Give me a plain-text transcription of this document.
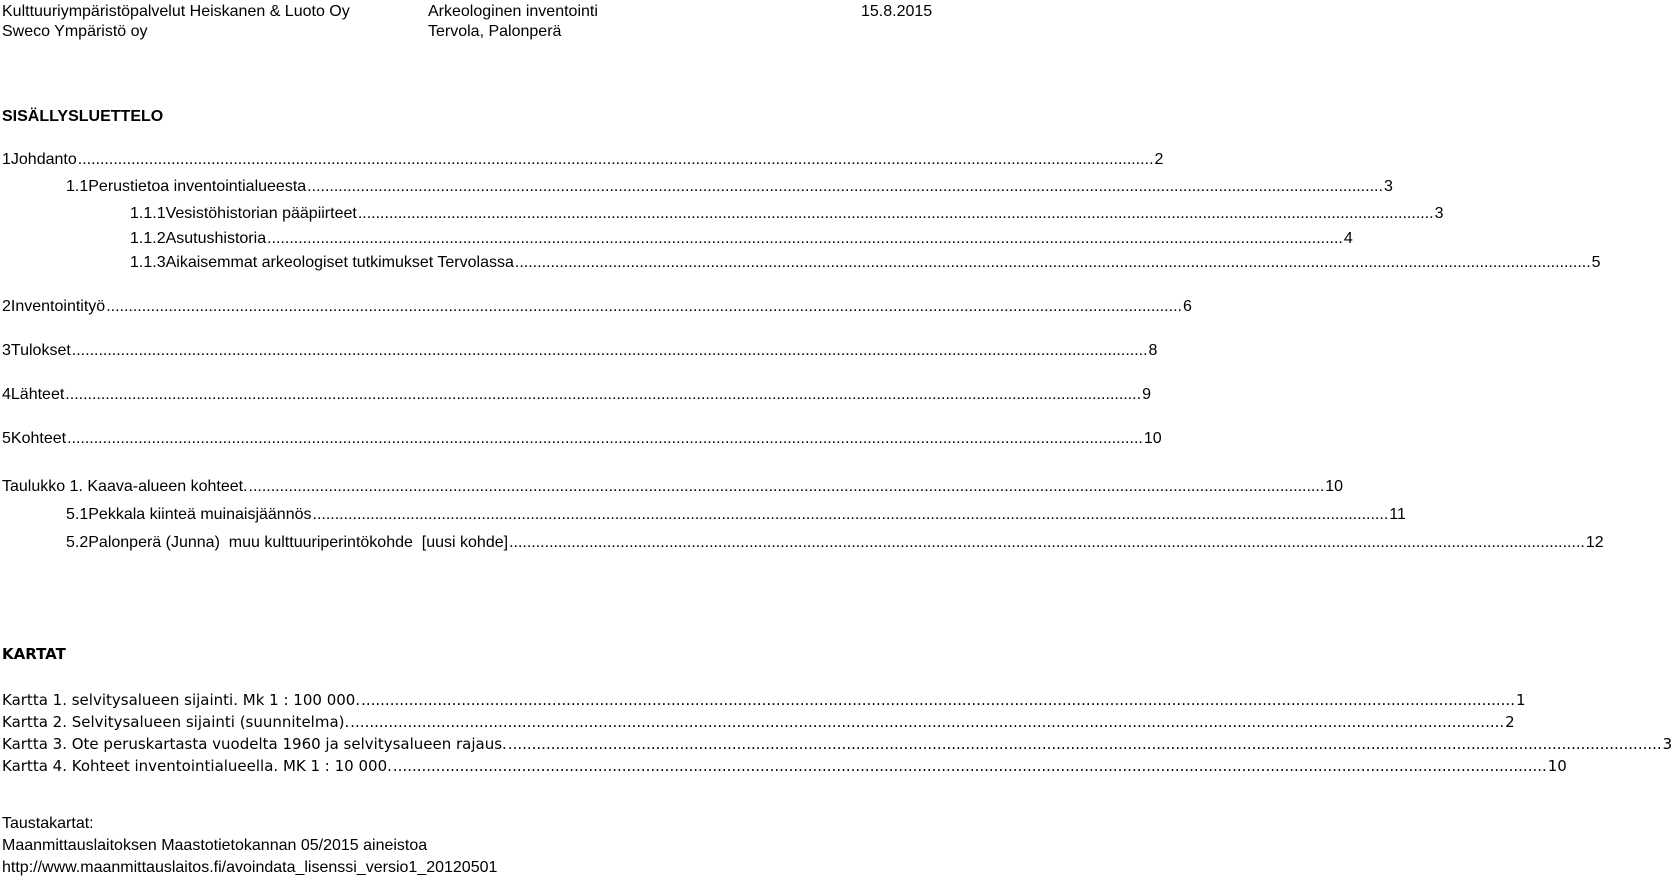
Kulttuuriympäristöpalvelut Heiskanen & Luoto Oy
Sweco Ympäristö oy
Arkeologinen inventointi
Tervola, Palonperä
15.8.2015
SISÄLLYSLUETTELO
1 Johdanto .....	2
1.1 Perustietoa inventointialueesta .....	3
1.1.1 Vesistöhistorian pääpiirteet .....	3
1.1.2 Asutushistoria .....	4
1.1.3 Aikaisemmat arkeologiset tutkimukset Tervolassa .....	5
2 Inventointityö .....	6
3 Tulokset .....	8
4 Lähteet .....	9
5 Kohteet .....	10
Taulukko 1. Kaava-alueen kohteet. .....	10
5.1 Pekkala kiinteä muinaisjäännös .....	11
5.2 Palonperä (Junna)  muu kulttuuriperintökohde  [uusi kohde] .....	12
KARTAT
Kartta 1. selvitysalueen sijainti. Mk 1 : 100 000. .....	1
Kartta 2. Selvitysalueen sijainti (suunnitelma). .....	2
Kartta 3. Ote peruskartasta vuodelta 1960 ja selvitysalueen rajaus. .....	3
Kartta 4. Kohteet inventointialueella. MK 1 : 10 000. .....	10
Taustakartat:
Maanmittauslaitoksen Maastotietokannan 05/2015 aineistoa
http://www.maanmittauslaitos.fi/avoindata_lisenssi_versio1_20120501
